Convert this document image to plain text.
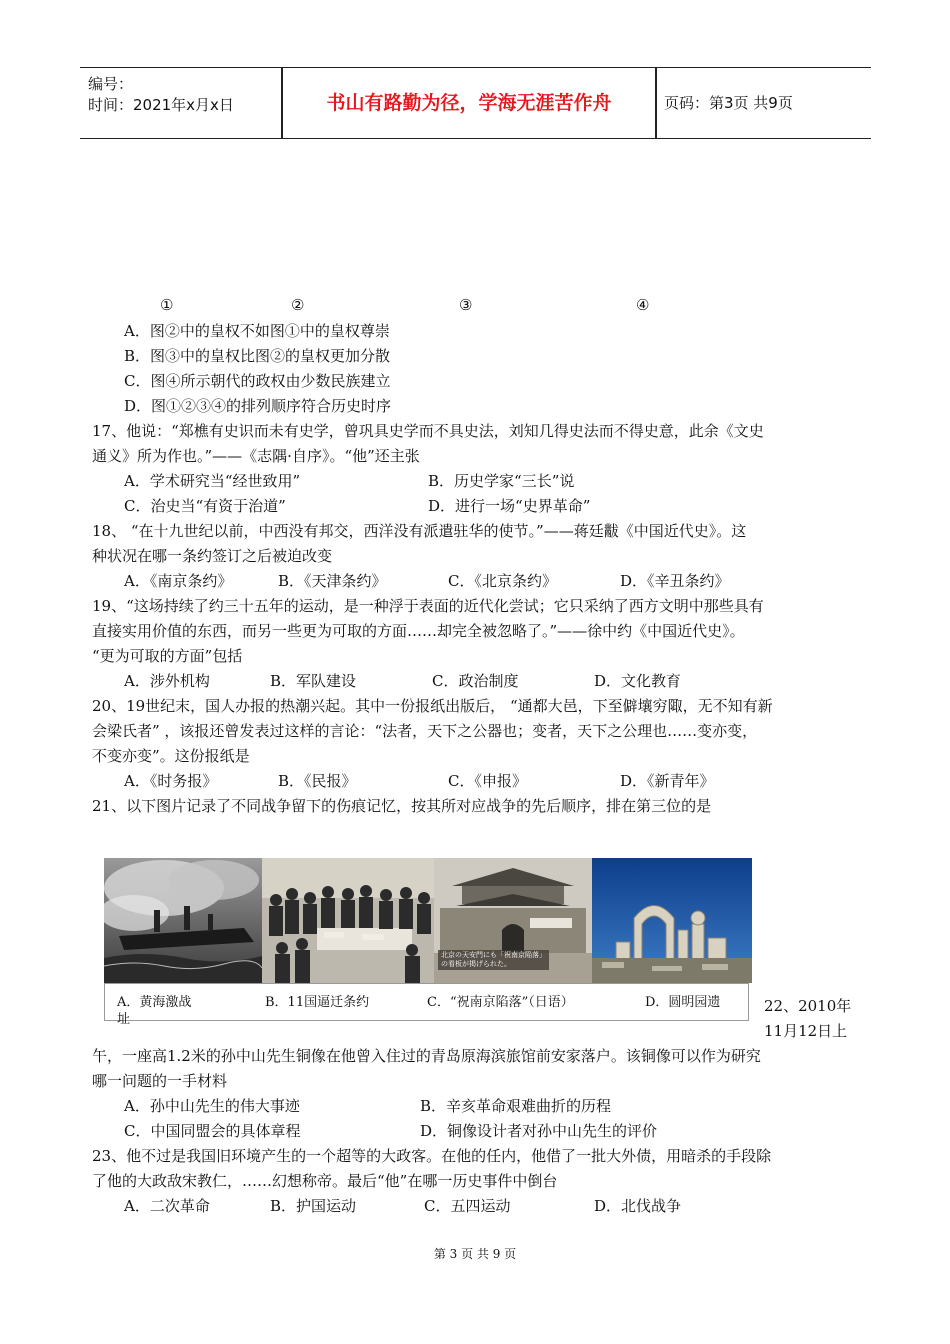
编号：
时间：2021年x月x日	书山有路勤为径，学海无涯苦作舟	页码：第3页 共9页
①	②	③	④
A．图②中的皇权不如图①中的皇权尊崇
B．图③中的皇权比图②的皇权更加分散
C．图④所示朝代的政权由少数民族建立
D．图①②③④的排列顺序符合历史时序
17、他说：“郑樵有史识而未有史学，曾巩具史学而不具史法，刘知几得史法而不得史意，此余《文史
通义》所为作也。”——《志隅·自序》。“他”还主张
A．学术研究当“经世致用”	B．历史学家“三长”说
C．治史当“有资于治道”	D．进行一场“史界革命”
18、 “在十九世纪以前，中西没有邦交，西洋没有派遣驻华的使节。”——蒋廷黻《中国近代史》。这
种状况在哪一条约签订之后被迫改变
A．《南京条约》	B．《天津条约》	C．《北京条约》	D．《辛丑条约》
19、“这场持续了约三十五年的运动，是一种浮于表面的近代化尝试；它只采纳了西方文明中那些具有
直接实用价值的东西，而另一些更为可取的方面……却完全被忽略了。”——徐中约《中国近代史》。
“更为可取的方面”包括
A．涉外机构	B．军队建设	C．政治制度	D．文化教育
20、19世纪末，国人办报的热潮兴起。其中一份报纸出版后， “通都大邑，下至僻壤穷陬，无不知有新
会梁氏者” ，该报还曾发表过这样的言论：“法者，天下之公器也；变者，天下之公理也……变亦变，
不变亦变”。这份报纸是
A．《时务报》	B．《民报》	C．《申报》	D．《新青年》
21、以下图片记录了不同战争留下的伤痕记忆，按其所对应战争的先后顺序，排在第三位的是
北京の天安門にも「祝南京陥落」
の看板が掲げられた。
A．黄海激战	B．11国逼迁条约	C．“祝南京陷落”（日语）	D．圆明园遗
址
22、2010年
11月12日上
午，一座高1.2米的孙中山先生铜像在他曾入住过的青岛原海滨旅馆前安家落户。该铜像可以作为研究
哪一问题的一手材料
A．孙中山先生的伟大事迹	B．辛亥革命艰难曲折的历程
C．中国同盟会的具体章程	D．铜像设计者对孙中山先生的评价
23、他不过是我国旧环境产生的一个超等的大政客。在他的任内，他借了一批大外债，用暗杀的手段除
了他的大政敌宋教仁，……幻想称帝。最后“他”在哪一历史事件中倒台
A．二次革命	B．护国运动	C．五四运动	D．北伐战争
第 3 页 共 9 页
